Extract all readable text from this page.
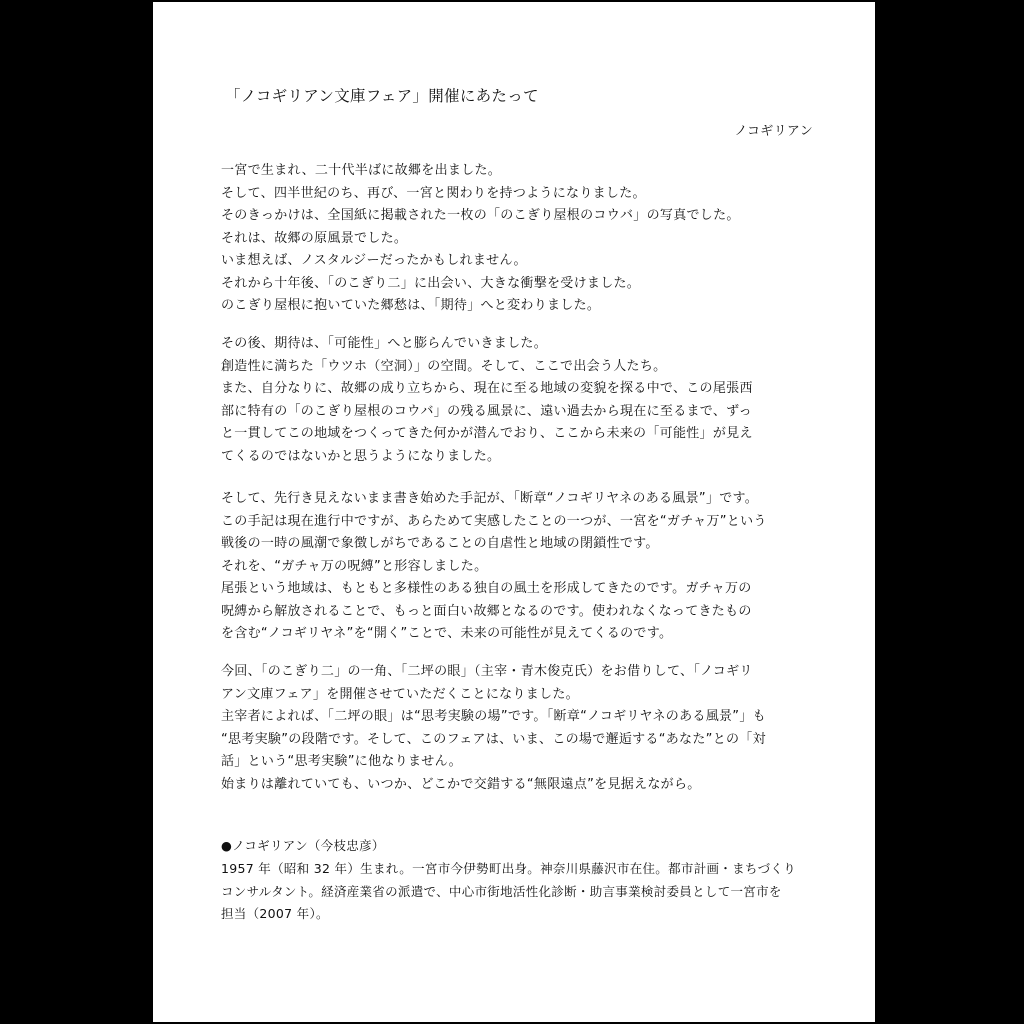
「ノコギリアン文庫フェア」開催にあたって
ノコギリアン
一宮で生まれ、二十代半ばに故郷を出ました。
そして、四半世紀のち、再び、一宮と関わりを持つようになりました。
そのきっかけは、全国紙に掲載された一枚の「のこぎり屋根のコウバ」の写真でした。
それは、故郷の原風景でした。
いま想えば、ノスタルジーだったかもしれません。
それから十年後、「のこぎり二」に出会い、大きな衝撃を受けました。
のこぎり屋根に抱いていた郷愁は、「期待」へと変わりました。
その後、期待は、「可能性」へと膨らんでいきました。
創造性に満ちた「ウツホ（空洞）」の空間。そして、ここで出会う人たち。
また、自分なりに、故郷の成り立ちから、現在に至る地域の変貌を探る中で、この尾張西
部に特有の「のこぎり屋根のコウバ」の残る風景に、遠い過去から現在に至るまで、ずっ
と一貫してこの地域をつくってきた何かが潜んでおり、ここから未来の「可能性」が見え
てくるのではないかと思うようになりました。
そして、先行き見えないまま書き始めた手記が、「断章“ノコギリヤネのある風景”」です。
この手記は現在進行中ですが、あらためて実感したことの一つが、一宮を“ガチャ万”という
戦後の一時の風潮で象徴しがちであることの自虐性と地域の閉鎖性です。
それを、“ガチャ万の呪縛”と形容しました。
尾張という地域は、もともと多様性のある独自の風土を形成してきたのです。ガチャ万の
呪縛から解放されることで、もっと面白い故郷となるのです。使われなくなってきたもの
を含む“ノコギリヤネ”を“開く”ことで、未来の可能性が見えてくるのです。
今回、「のこぎり二」の一角、「二坪の眼」（主宰・青木俊克氏）をお借りして、「ノコギリ
アン文庫フェア」を開催させていただくことになりました。
主宰者によれば、「二坪の眼」は“思考実験の場”です。「断章“ノコギリヤネのある風景”」も
“思考実験”の段階です。そして、このフェアは、いま、この場で邂逅する“あなた”との「対
話」という“思考実験”に他なりません。
始まりは離れていても、いつか、どこかで交錯する“無限遠点”を見据えながら。
●ノコギリアン（今枝忠彦）
1957 年（昭和 32 年）生まれ。一宮市今伊勢町出身。神奈川県藤沢市在住。都市計画・まちづくり
コンサルタント。経済産業省の派遣で、中心市街地活性化診断・助言事業検討委員として一宮市を
担当（2007 年）。
